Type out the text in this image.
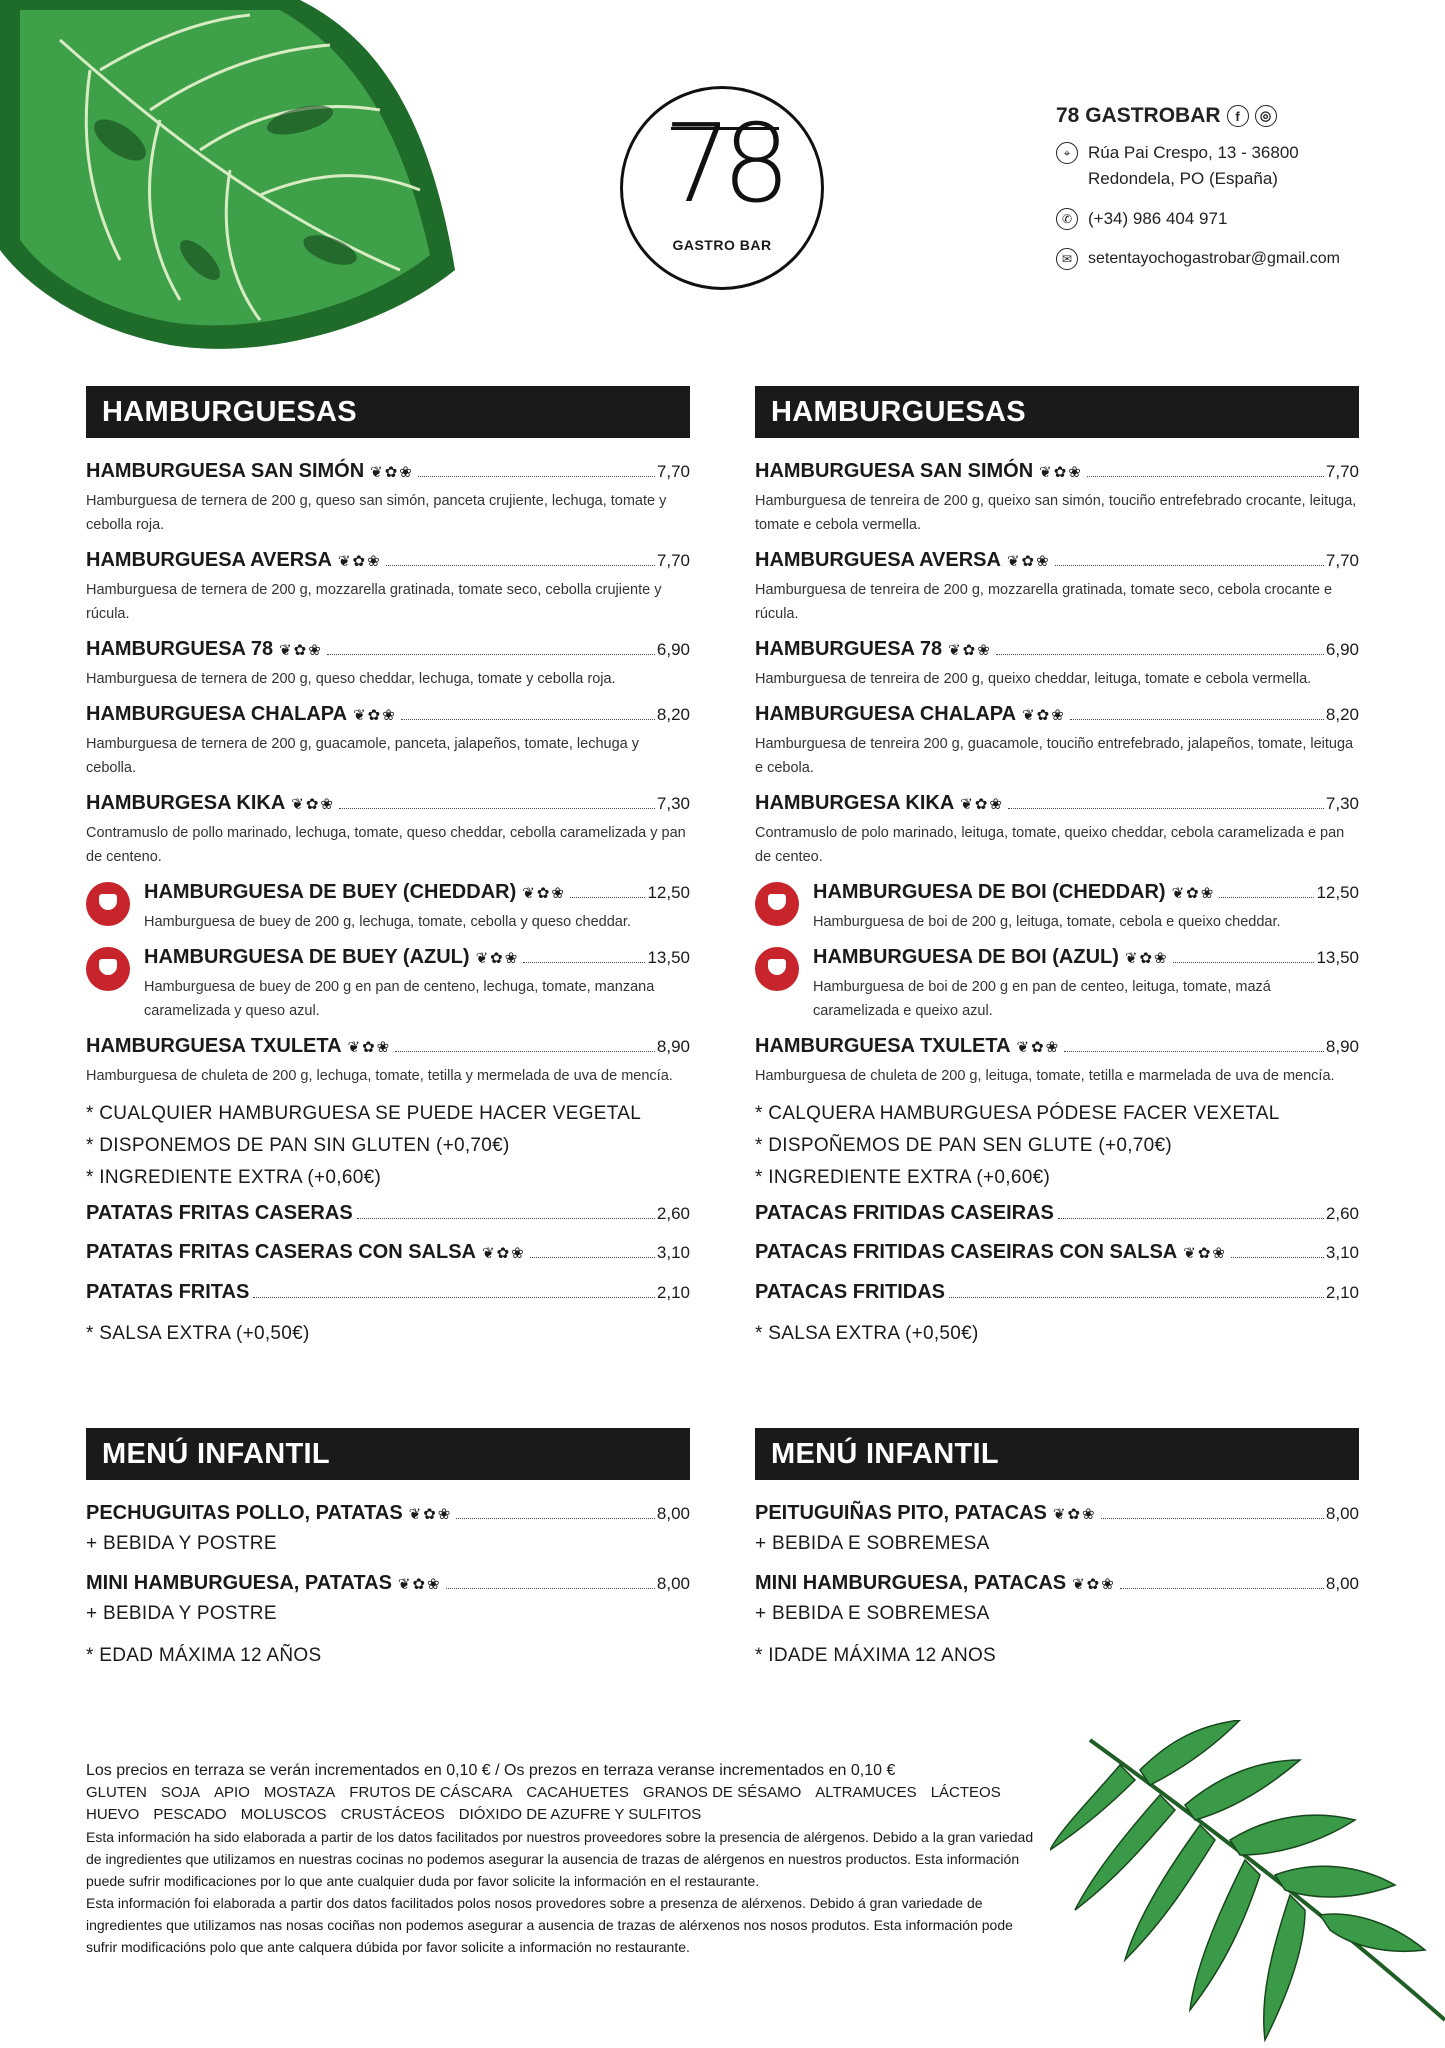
78
GASTRO BAR
78 GASTROBAR	f	◎
⌖	Rúa Pai Crespo, 13 - 36800
Redondela, PO (España)
✆ (+34) 986 404 971
✉ setentayochogastrobar@gmail.com
HAMBURGUESAS
HAMBURGUESA SAN SIMÓN ❦✿❀	7,70
Hamburguesa de ternera de 200 g, queso san simón, panceta crujiente, lechuga, tomate y cebolla roja.
HAMBURGUESA AVERSA ❦✿❀	7,70
Hamburguesa de ternera de 200 g, mozzarella gratinada, tomate seco, cebolla crujiente y rúcula.
HAMBURGUESA 78 ❦✿❀	6,90
Hamburguesa de ternera de 200 g, queso cheddar, lechuga, tomate y cebolla roja.
HAMBURGUESA CHALAPA ❦✿❀	8,20
Hamburguesa de ternera de 200 g, guacamole, panceta, jalapeños, tomate, lechuga y cebolla.
HAMBURGESA KIKA ❦✿❀	7,30
Contramuslo de pollo marinado, lechuga, tomate, queso cheddar, cebolla caramelizada y pan de centeno.
HAMBURGUESA DE BUEY (CHEDDAR) ❦✿❀	12,50
Hamburguesa de buey de 200 g, lechuga, tomate, cebolla y queso cheddar.
HAMBURGUESA DE BUEY (AZUL) ❦✿❀	13,50
Hamburguesa de buey de 200 g en pan de centeno, lechuga, tomate, manzana caramelizada y queso azul.
HAMBURGUESA TXULETA ❦✿❀	8,90
Hamburguesa de chuleta de 200 g, lechuga, tomate, tetilla y mermelada de uva de mencía.
* CUALQUIER HAMBURGUESA SE PUEDE HACER VEGETAL
* DISPONEMOS DE PAN SIN GLUTEN (+0,70€)
* INGREDIENTE EXTRA (+0,60€)
PATATAS FRITAS CASERAS	2,60
PATATAS FRITAS CASERAS CON SALSA ❦✿❀	3,10
PATATAS FRITAS	2,10
* SALSA EXTRA (+0,50€)
HAMBURGUESAS
HAMBURGUESA SAN SIMÓN ❦✿❀	7,70
Hamburguesa de tenreira de 200 g, queixo san simón, touciño entrefebrado crocante, leituga, tomate e cebola vermella.
HAMBURGUESA AVERSA ❦✿❀	7,70
Hamburguesa de tenreira de 200 g, mozzarella gratinada, tomate seco, cebola crocante e rúcula.
HAMBURGUESA 78 ❦✿❀	6,90
Hamburguesa de tenreira de 200 g, queixo cheddar, leituga, tomate e cebola vermella.
HAMBURGUESA CHALAPA ❦✿❀	8,20
Hamburguesa de tenreira 200 g, guacamole, touciño entrefebrado, jalapeños, tomate, leituga e cebola.
HAMBURGESA KIKA ❦✿❀	7,30
Contramuslo de polo marinado, leituga, tomate, queixo cheddar, cebola caramelizada e pan de centeo.
HAMBURGUESA DE BOI (CHEDDAR) ❦✿❀	12,50
Hamburguesa de boi de 200 g, leituga, tomate, cebola e queixo cheddar.
HAMBURGUESA DE BOI (AZUL) ❦✿❀	13,50
Hamburguesa de boi de 200 g en pan de centeo, leituga, tomate, mazá caramelizada e queixo azul.
HAMBURGUESA TXULETA ❦✿❀	8,90
Hamburguesa de chuleta de 200 g, leituga, tomate, tetilla e marmelada de uva de mencía.
* CALQUERA HAMBURGUESA PÓDESE FACER VEXETAL
* DISPOÑEMOS DE PAN SEN GLUTE (+0,70€)
* INGREDIENTE EXTRA (+0,60€)
PATACAS FRITIDAS CASEIRAS	2,60
PATACAS FRITIDAS CASEIRAS CON SALSA ❦✿❀	3,10
PATACAS FRITIDAS	2,10
* SALSA EXTRA (+0,50€)
MENÚ INFANTIL
PECHUGUITAS POLLO, PATATAS ❦✿❀	8,00
+ BEBIDA Y POSTRE
MINI HAMBURGUESA, PATATAS ❦✿❀	8,00
+ BEBIDA Y POSTRE
* EDAD MÁXIMA 12 AÑOS
MENÚ INFANTIL
PEITUGUIÑAS PITO, PATACAS ❦✿❀	8,00
+ BEBIDA E SOBREMESA
MINI HAMBURGUESA, PATACAS ❦✿❀	8,00
+ BEBIDA E SOBREMESA
* IDADE MÁXIMA 12 ANOS
Los precios en terraza se verán incrementados en 0,10 € / Os prezos en terraza veranse incrementados en 0,10 €
GLUTEN SOJA APIO MOSTAZA FRUTOS DE CÁSCARA CACAHUETES GRANOS DE SÉSAMO ALTRAMUCES LÁCTEOS
HUEVO PESCADO MOLUSCOS CRUSTÁCEOS DIÓXIDO DE AZUFRE Y SULFITOS
Esta información ha sido elaborada a partir de los datos facilitados por nuestros proveedores sobre la presencia de alérgenos. Debido a la gran variedad de ingredientes que utilizamos en nuestras cocinas no podemos asegurar la ausencia de trazas de alérgenos en nuestros productos. Esta información puede sufrir modificaciones por lo que ante cualquier duda por favor solicite la información en el restaurante.
Esta información foi elaborada a partir dos datos facilitados polos nosos provedores sobre a presenza de alérxenos. Debido á gran variedade de ingredientes que utilizamos nas nosas cociñas non podemos asegurar a ausencia de trazas de alérxenos nos nosos produtos. Esta información pode sufrir modificacións polo que ante calquera dúbida por favor solicite a información no restaurante.
